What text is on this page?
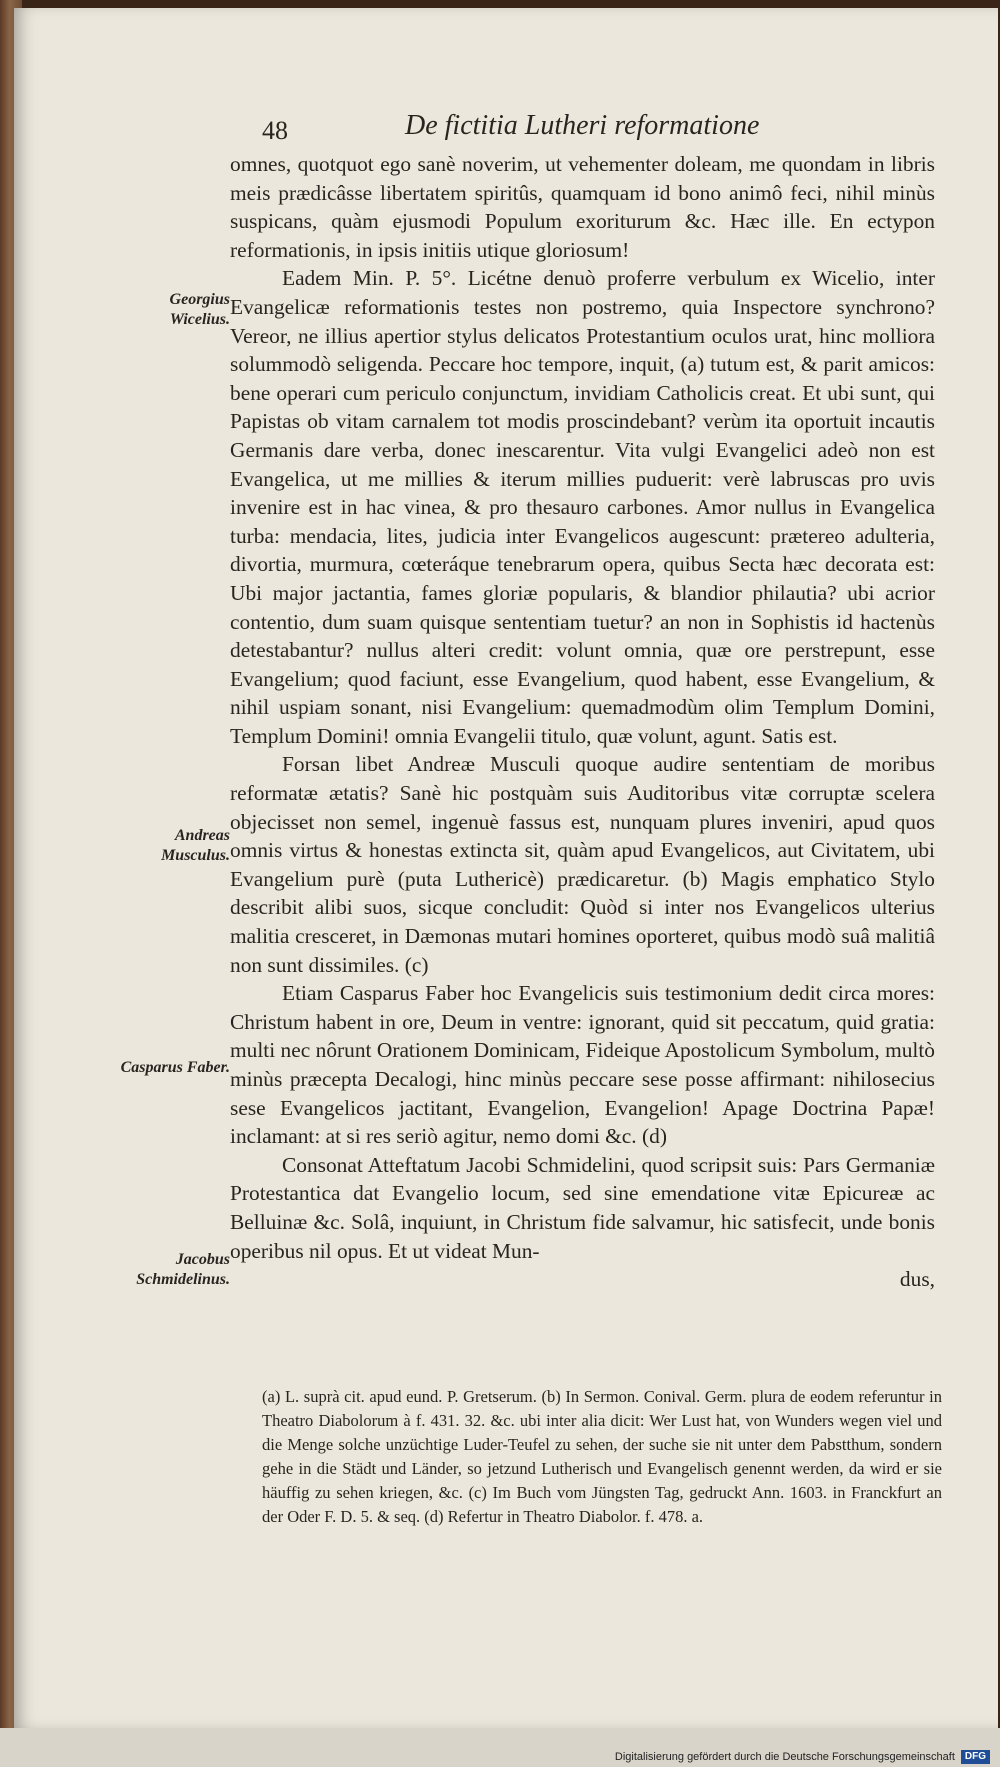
48	De fictitia Lutheri reformatione
Georgius Wicelius.
Andreas Musculus.
Casparus Faber.
Jacobus Schmidelinus.

omnes, quotquot ego sanè noverim, ut vehementer doleam, me quondam in libris meis prædicâsse libertatem spiritûs, quamquam id bono animô feci, nihil minùs suspicans, quàm ejusmodi Populum exoriturum &c. Hæc ille. En ectypon reformationis, in ipsis initiis utique gloriosum!

Eadem Min. P. 5°. Licétne denuò proferre verbulum ex Wicelio, inter Evangelicæ reformationis testes non postremo, quia Inspectore synchrono? Vereor, ne illius apertior stylus delicatos Protestantium oculos urat, hinc molliora solummodò seligenda. Peccare hoc tempore, inquit, (a) tutum est, & parit amicos: bene operari cum periculo conjunctum, invidiam Catholicis creat. Et ubi sunt, qui Papistas ob vitam carnalem tot modis proscindebant? verùm ita oportuit incautis Germanis dare verba, donec inescarentur. Vita vulgi Evangelici adeò non est Evangelica, ut me millies & iterum millies puduerit: verè labruscas pro uvis invenire est in hac vinea, & pro thesauro carbones. Amor nullus in Evangelica turba: mendacia, lites, judicia inter Evangelicos augescunt: prætereo adulteria, divortia, murmura, cœteráque tenebrarum opera, quibus Secta hæc decorata est: Ubi major jactantia, fames gloriæ popularis, & blandior philautia? ubi acrior contentio, dum suam quisque sententiam tuetur? an non in Sophistis id hactenùs detestabantur? nullus alteri credit: volunt omnia, quæ ore perstrepunt, esse Evangelium; quod faciunt, esse Evangelium, quod habent, esse Evangelium, & nihil uspiam sonant, nisi Evangelium: quemadmodùm olim Templum Domini, Templum Domini! omnia Evangelii titulo, quæ volunt, agunt. Satis est.

Forsan libet Andreæ Musculi quoque audire sententiam de moribus reformatæ ætatis? Sanè hic postquàm suis Auditoribus vitæ corruptæ scelera objecisset non semel, ingenuè fassus est, nunquam plures inveniri, apud quos omnis virtus & honestas extincta sit, quàm apud Evangelicos, aut Civitatem, ubi Evangelium purè (puta Luthericè) prædicaretur. (b) Magis emphatico Stylo describit alibi suos, sicque concludit: Quòd si inter nos Evangelicos ulterius malitia cresceret, in Dæmonas mutari homines oporteret, quibus modò suâ malitiâ non sunt dissimiles. (c)

Etiam Casparus Faber hoc Evangelicis suis testimonium dedit circa mores: Christum habent in ore, Deum in ventre: ignorant, quid sit peccatum, quid gratia: multi nec nôrunt Orationem Dominicam, Fideique Apostolicum Symbolum, multò minùs præcepta Decalogi, hinc minùs peccare sese posse affirmant: nihilosecius sese Evangelicos jactitant, Evangelion, Evangelion! Apage Doctrina Papæ! inclamant: at si res seriò agitur, nemo domi &c. (d)

Consonat Atteftatum Jacobi Schmidelini, quod scripsit suis: Pars Germaniæ Protestantica dat Evangelio locum, sed sine emendatione vitæ Epicureæ ac Belluinæ &c. Solâ, inquiunt, in Christum fide salvamur, hic satisfecit, unde bonis operibus nil opus. Et ut videat Mun-

dus,

(a) L. suprà cit. apud eund. P. Gretserum. (b) In Sermon. Conival. Germ. plura de eodem referuntur in Theatro Diabolorum à f. 431. 32. &c. ubi inter alia dicit: Wer Lust hat, von Wunders wegen viel und die Menge solche unzüchtige Luder-Teufel zu sehen, der suche sie nit unter dem Pabstthum, sondern gehe in die Städt und Länder, so jetzund Lutherisch und Evangelisch genennt werden, da wird er sie häuffig zu sehen kriegen, &c. (c) Im Buch vom Jüngsten Tag, gedruckt Ann. 1603. in Franckfurt an der Oder F. D. 5. & seq. (d) Refertur in Theatro Diabolor. f. 478. a.

Digitalisierung gefördert durch die Deutsche Forschungsgemeinschaft	DFG
